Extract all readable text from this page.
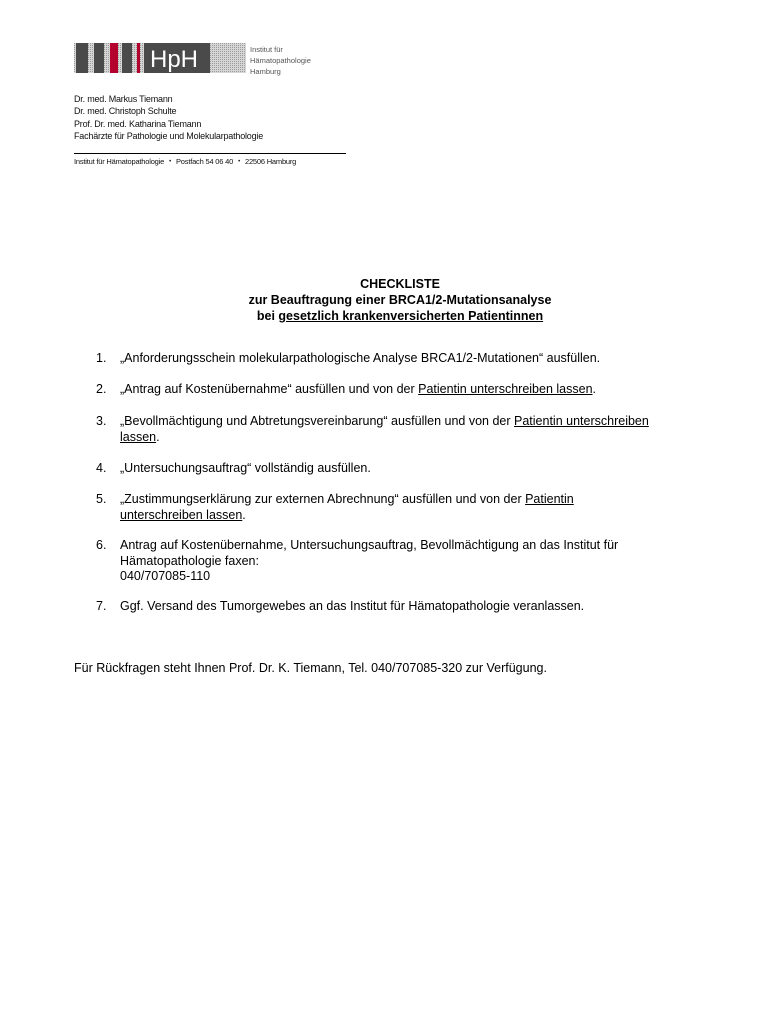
HpH	Institut für
Hämatopathologie
Hamburg
Dr. med. Markus Tiemann
Dr. med. Christoph Schulte
Prof. Dr. med. Katharina Tiemann
Fachärzte für Pathologie und Molekularpathologie
Institut für Hämatopathologie • Postfach 54 06 40 • 22506 Hamburg
CHECKLISTE
zur Beauftragung einer BRCA1/2-Mutationsanalyse
bei gesetzlich krankenversicherten Patientinnen
1. „Anforderungsschein molekularpathologische Analyse BRCA1/2-Mutationen“ ausfüllen.
2. „Antrag auf Kostenübernahme“ ausfüllen und von der Patientin unterschreiben lassen.
3. „Bevollmächtigung und Abtretungsvereinbarung“ ausfüllen und von der Patientin unterschreiben
lassen.
4. „Untersuchungsauftrag“ vollständig ausfüllen.
5. „Zustimmungserklärung zur externen Abrechnung“ ausfüllen und von der Patientin
unterschreiben lassen.
6. Antrag auf Kostenübernahme, Untersuchungsauftrag, Bevollmächtigung an das Institut für
Hämatopathologie faxen:
040/707085-110
7. Ggf. Versand des Tumorgewebes an das Institut für Hämatopathologie veranlassen.
Für Rückfragen steht Ihnen Prof. Dr. K. Tiemann, Tel. 040/707085-320 zur Verfügung.
